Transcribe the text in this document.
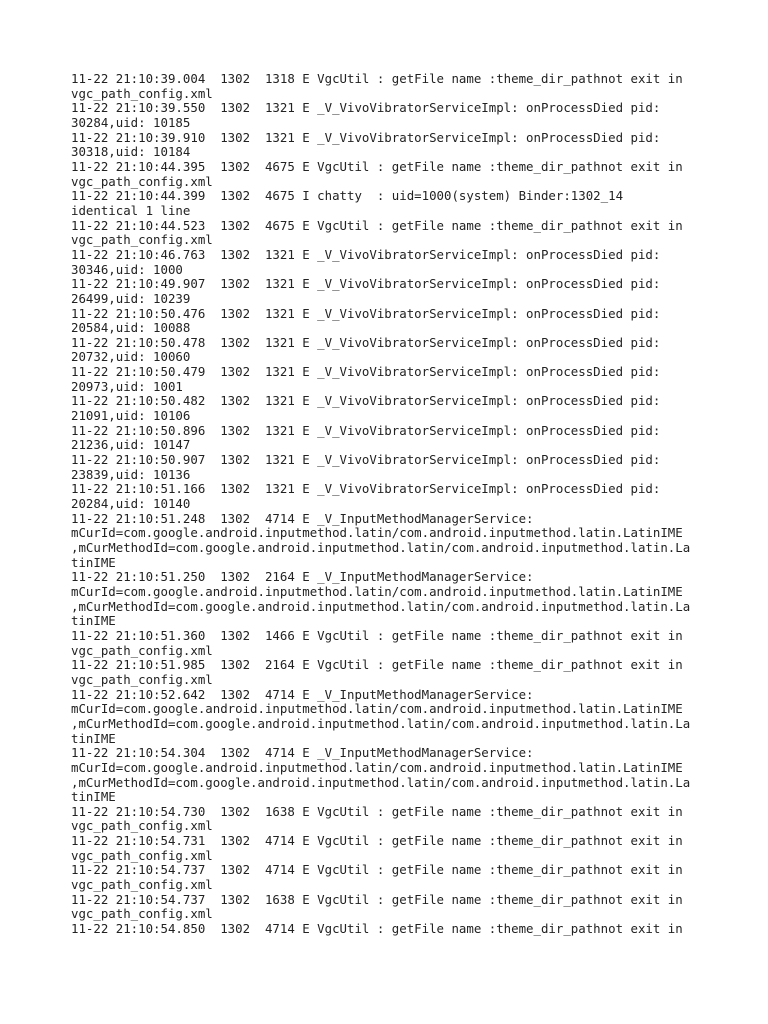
11-22 21:10:39.004  1302  1318 E VgcUtil : getFile name :theme_dir_pathnot exit in
vgc_path_config.xml
11-22 21:10:39.550  1302  1321 E _V_VivoVibratorServiceImpl: onProcessDied pid:
30284,uid: 10185
11-22 21:10:39.910  1302  1321 E _V_VivoVibratorServiceImpl: onProcessDied pid:
30318,uid: 10184
11-22 21:10:44.395  1302  4675 E VgcUtil : getFile name :theme_dir_pathnot exit in
vgc_path_config.xml
11-22 21:10:44.399  1302  4675 I chatty  : uid=1000(system) Binder:1302_14
identical 1 line
11-22 21:10:44.523  1302  4675 E VgcUtil : getFile name :theme_dir_pathnot exit in
vgc_path_config.xml
11-22 21:10:46.763  1302  1321 E _V_VivoVibratorServiceImpl: onProcessDied pid:
30346,uid: 1000
11-22 21:10:49.907  1302  1321 E _V_VivoVibratorServiceImpl: onProcessDied pid:
26499,uid: 10239
11-22 21:10:50.476  1302  1321 E _V_VivoVibratorServiceImpl: onProcessDied pid:
20584,uid: 10088
11-22 21:10:50.478  1302  1321 E _V_VivoVibratorServiceImpl: onProcessDied pid:
20732,uid: 10060
11-22 21:10:50.479  1302  1321 E _V_VivoVibratorServiceImpl: onProcessDied pid:
20973,uid: 1001
11-22 21:10:50.482  1302  1321 E _V_VivoVibratorServiceImpl: onProcessDied pid:
21091,uid: 10106
11-22 21:10:50.896  1302  1321 E _V_VivoVibratorServiceImpl: onProcessDied pid:
21236,uid: 10147
11-22 21:10:50.907  1302  1321 E _V_VivoVibratorServiceImpl: onProcessDied pid:
23839,uid: 10136
11-22 21:10:51.166  1302  1321 E _V_VivoVibratorServiceImpl: onProcessDied pid:
20284,uid: 10140
11-22 21:10:51.248  1302  4714 E _V_InputMethodManagerService:
mCurId=com.google.android.inputmethod.latin/com.android.inputmethod.latin.LatinIME
,mCurMethodId=com.google.android.inputmethod.latin/com.android.inputmethod.latin.La
tinIME
11-22 21:10:51.250  1302  2164 E _V_InputMethodManagerService:
mCurId=com.google.android.inputmethod.latin/com.android.inputmethod.latin.LatinIME
,mCurMethodId=com.google.android.inputmethod.latin/com.android.inputmethod.latin.La
tinIME
11-22 21:10:51.360  1302  1466 E VgcUtil : getFile name :theme_dir_pathnot exit in
vgc_path_config.xml
11-22 21:10:51.985  1302  2164 E VgcUtil : getFile name :theme_dir_pathnot exit in
vgc_path_config.xml
11-22 21:10:52.642  1302  4714 E _V_InputMethodManagerService:
mCurId=com.google.android.inputmethod.latin/com.android.inputmethod.latin.LatinIME
,mCurMethodId=com.google.android.inputmethod.latin/com.android.inputmethod.latin.La
tinIME
11-22 21:10:54.304  1302  4714 E _V_InputMethodManagerService:
mCurId=com.google.android.inputmethod.latin/com.android.inputmethod.latin.LatinIME
,mCurMethodId=com.google.android.inputmethod.latin/com.android.inputmethod.latin.La
tinIME
11-22 21:10:54.730  1302  1638 E VgcUtil : getFile name :theme_dir_pathnot exit in
vgc_path_config.xml
11-22 21:10:54.731  1302  4714 E VgcUtil : getFile name :theme_dir_pathnot exit in
vgc_path_config.xml
11-22 21:10:54.737  1302  4714 E VgcUtil : getFile name :theme_dir_pathnot exit in
vgc_path_config.xml
11-22 21:10:54.737  1302  1638 E VgcUtil : getFile name :theme_dir_pathnot exit in
vgc_path_config.xml
11-22 21:10:54.850  1302  4714 E VgcUtil : getFile name :theme_dir_pathnot exit in
